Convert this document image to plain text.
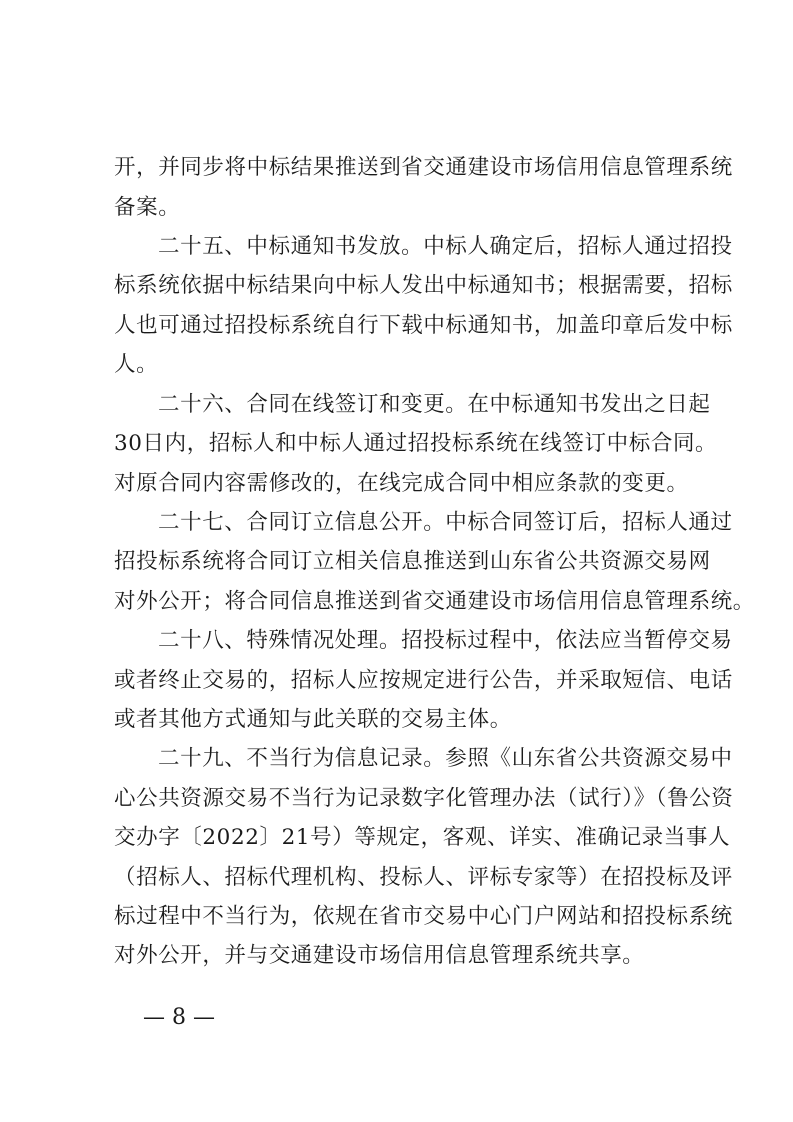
开，并同步将中标结果推送到省交通建设市场信用信息管理系统
备案。
二十五、中标通知书发放。中标人确定后，招标人通过招投
标系统依据中标结果向中标人发出中标通知书；根据需要，招标
人也可通过招投标系统自行下载中标通知书，加盖印章后发中标
人。
二十六、合同在线签订和变更。在中标通知书发出之日起
30日内，招标人和中标人通过招投标系统在线签订中标合同。
对原合同内容需修改的，在线完成合同中相应条款的变更。
二十七、合同订立信息公开。中标合同签订后，招标人通过
招投标系统将合同订立相关信息推送到山东省公共资源交易网
对外公开；将合同信息推送到省交通建设市场信用信息管理系统。
二十八、特殊情况处理。招投标过程中，依法应当暂停交易
或者终止交易的，招标人应按规定进行公告，并采取短信、电话
或者其他方式通知与此关联的交易主体。
二十九、不当行为信息记录。参照《山东省公共资源交易中
心公共资源交易不当行为记录数字化管理办法（试行）》（鲁公资
交办字〔2022〕21号）等规定，客观、详实、准确记录当事人
（招标人、招标代理机构、投标人、评标专家等）在招投标及评
标过程中不当行为，依规在省市交易中心门户网站和招投标系统
对外公开，并与交通建设市场信用信息管理系统共享。
— 8 —
